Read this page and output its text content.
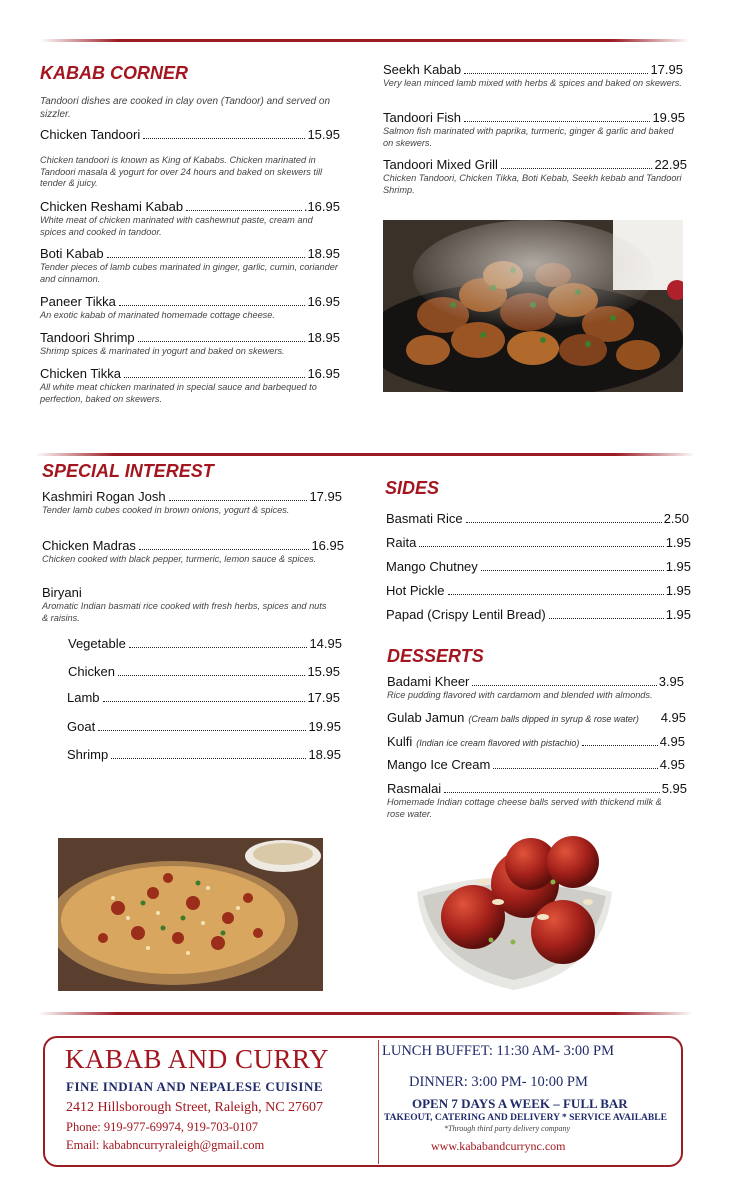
KABAB CORNER
Tandoori dishes are cooked in clay oven (Tandoor) and served on sizzler.
Chicken Tandoori	15.95
Chicken tandoori is known as King of Kababs. Chicken marinated in Tandoori masala & yogurt for over 24 hours and baked on skewers till tender & juicy.
Chicken Reshami Kabab	.16.95
White meat of chicken marinated with cashewnut paste, cream and spices and cooked in tandoor.
Boti Kabab	18.95
Tender pieces of lamb cubes marinated in ginger, garlic, cumin, coriander and cinnamon.
Paneer Tikka	16.95
An exotic kabab of marinated homemade cottage cheese.
Tandoori Shrimp	18.95
Shrimp spices & marinated in yogurt and baked on skewers.
Chicken Tikka	16.95
All white meat chicken marinated in special sauce and barbequed to perfection, baked on skewers.
Seekh Kabab	17.95
Very lean minced lamb mixed with herbs & spices and baked on skewers.
Tandoori Fish	19.95
Salmon fish marinated with paprika, turmeric, ginger & garlic and baked on skewers.
Tandoori Mixed Grill	22.95
Chicken Tandoori, Chicken Tikka, Boti Kebab, Seekh kebab and Tandoori Shrimp.
SPECIAL INTEREST
Kashmiri Rogan Josh	17.95
Tender lamb cubes cooked in brown onions, yogurt & spices.
Chicken Madras	16.95
Chicken cooked with black pepper, turmeric, lemon sauce & spices.
Biryani
Aromatic Indian basmati rice cooked with fresh herbs, spices and nuts & raisins.
Vegetable	14.95
Chicken	15.95
Lamb	17.95
Goat	19.95
Shrimp	18.95
SIDES
Basmati Rice	2.50
Raita	1.95
Mango Chutney	1.95
Hot Pickle	1.95
Papad (Crispy Lentil Bread)	1.95
DESSERTS
Badami Kheer	3.95
Rice pudding flavored with cardamom and blended with almonds.
Gulab Jamun (Cream balls dipped in syrup & rose water) 4.95
Kulfi (Indian ice cream flavored with pistachio)	4.95
Mango Ice Cream	4.95
Rasmalai	5.95
Homemade Indian cottage cheese balls served with thickend milk & rose water.
KABAB AND CURRY
FINE INDIAN AND NEPALESE CUISINE
2412 Hillsborough Street, Raleigh, NC 27607
Phone: 919-977-69974, 919-703-0107
Email: kababncurryraleigh@gmail.com
LUNCH BUFFET: 11:30 AM- 3:00 PM
DINNER: 3:00 PM- 10:00 PM
OPEN 7 DAYS A WEEK – FULL BAR
TAKEOUT, CATERING AND DELIVERY * SERVICE AVAILABLE
*Through third party delivery company
www.kababandcurrync.com
